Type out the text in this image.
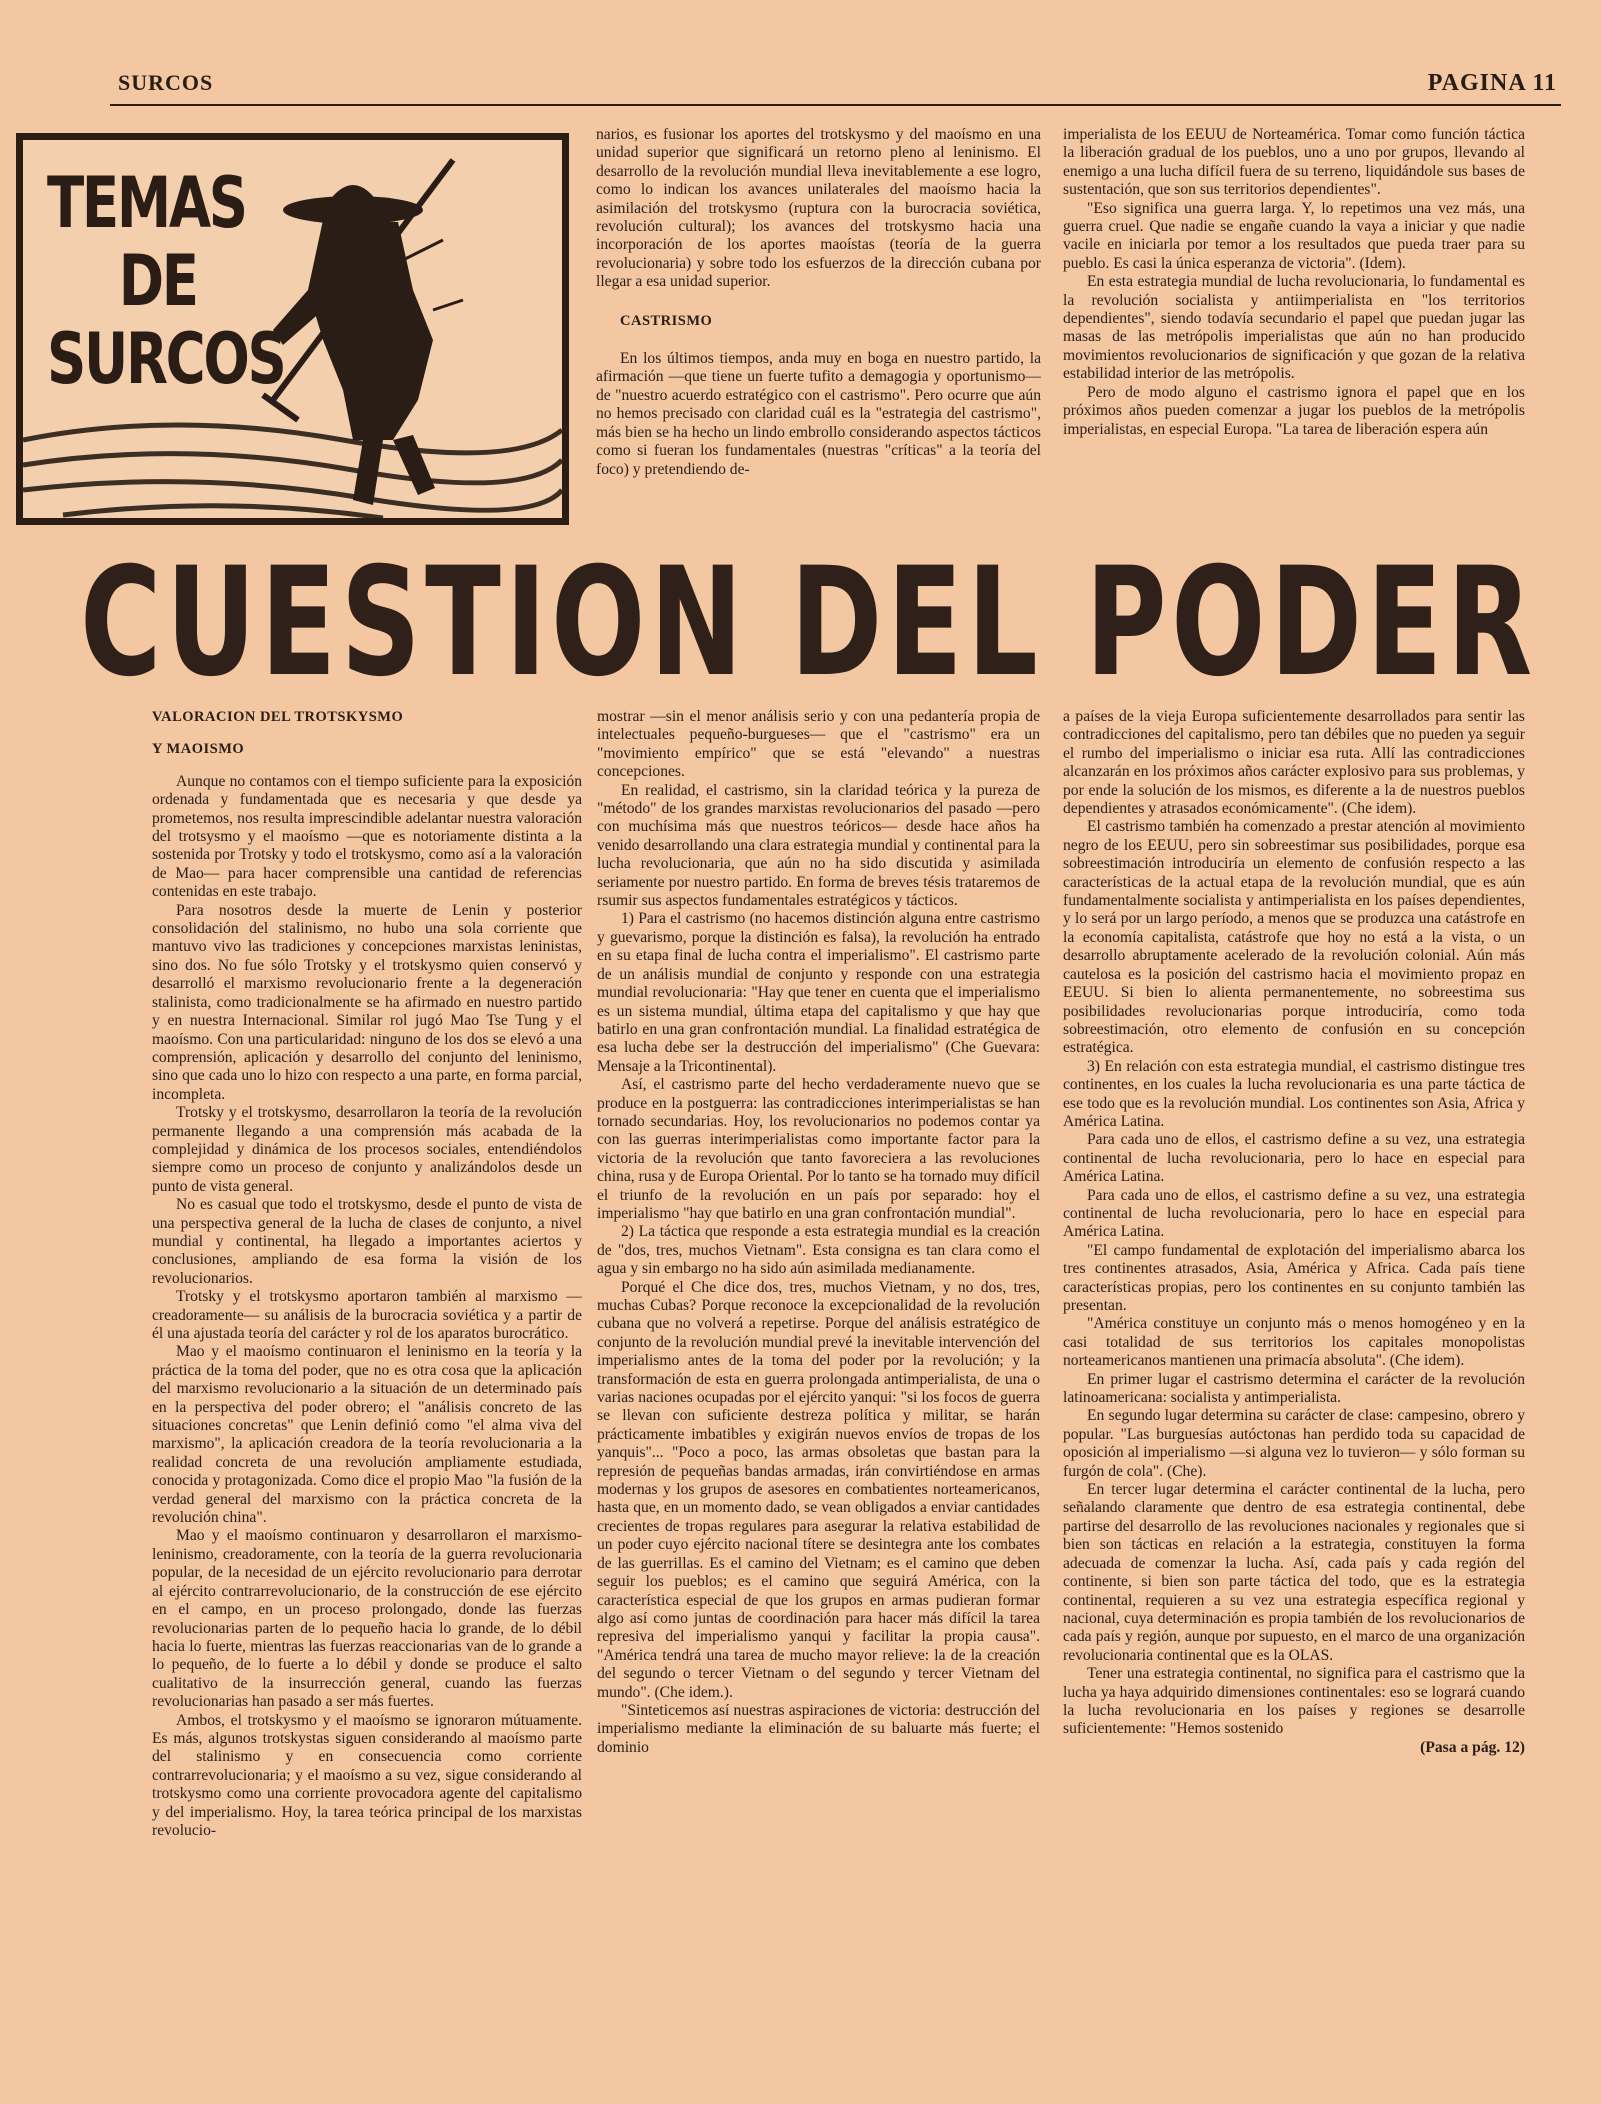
SURCOS	PAGINA 11
TEMAS
DE
SURCOS

narios, es fusionar los aportes del trotskysmo y del maoísmo en una unidad superior que significará un retorno pleno al leninismo. El desarrollo de la revolución mundial lleva inevitablemente a ese logro, como lo indican los avances unilaterales del maoísmo hacia la asimilación del trotskysmo (ruptura con la burocracia soviética, revolución cultural); los avances del trotskysmo hacia una incorporación de los aportes maoístas (teoría de la guerra revolucionaria) y sobre todo los esfuerzos de la dirección cubana por llegar a esa unidad superior.

CASTRISMO

En los últimos tiempos, anda muy en boga en nuestro partido, la afirmación —que tiene un fuerte tufito a demagogia y oportunismo— de "nuestro acuerdo estratégico con el castrismo". Pero ocurre que aún no hemos precisado con claridad cuál es la "estrategia del castrismo", más bien se ha hecho un lindo embrollo considerando aspectos tácticos como si fueran los fundamentales (nuestras "críticas" a la teoría del foco) y pretendiendo de-

imperialista de los EEUU de Norteamérica. Tomar como función táctica la liberación gradual de los pueblos, uno a uno por grupos, llevando al enemigo a una lucha difícil fuera de su terreno, liquidándole sus bases de sustentación, que son sus territorios dependientes".

"Eso significa una guerra larga. Y, lo repetimos una vez más, una guerra cruel. Que nadie se engañe cuando la vaya a iniciar y que nadie vacile en iniciarla por temor a los resultados que pueda traer para su pueblo. Es casi la única esperanza de victoria". (Idem).

En esta estrategia mundial de lucha revolucionaria, lo fundamental es la revolución socialista y antiimperialista en "los territorios dependientes", siendo todavía secundario el papel que puedan jugar las masas de las metrópolis imperialistas que aún no han producido movimientos revolucionarios de significación y que gozan de la relativa estabilidad interior de las metrópolis.

Pero de modo alguno el castrismo ignora el papel que en los próximos años pueden comenzar a jugar los pueblos de la metrópolis imperialistas, en especial Europa. "La tarea de liberación espera aún

CUESTION DEL PODER

VALORACION DEL TROTSKYSMO

Y MAOISMO

Aunque no contamos con el tiempo suficiente para la exposición ordenada y fundamentada que es necesaria y que desde ya prometemos, nos resulta imprescindible adelantar nuestra valoración del trotsysmo y el maoísmo —que es notoriamente distinta a la sostenida por Trotsky y todo el trotskysmo, como así a la valoración de Mao— para hacer comprensible una cantidad de referencias contenidas en este trabajo.

Para nosotros desde la muerte de Lenin y posterior consolidación del stalinismo, no hubo una sola corriente que mantuvo vivo las tradiciones y concepciones marxistas leninistas, sino dos. No fue sólo Trotsky y el trotskysmo quien conservó y desarrolló el marxismo revolucionario frente a la degeneración stalinista, como tradicionalmente se ha afirmado en nuestro partido y en nuestra Internacional. Similar rol jugó Mao Tse Tung y el maoísmo. Con una particularidad: ninguno de los dos se elevó a una comprensión, aplicación y desarrollo del conjunto del leninismo, sino que cada uno lo hizo con respecto a una parte, en forma parcial, incompleta.

Trotsky y el trotskysmo, desarrollaron la teoría de la revolución permanente llegando a una comprensión más acabada de la complejidad y dinámica de los procesos sociales, entendiéndolos siempre como un proceso de conjunto y analizándolos desde un punto de vista general.

No es casual que todo el trotskysmo, desde el punto de vista de una perspectiva general de la lucha de clases de conjunto, a nivel mundial y continental, ha llegado a importantes aciertos y conclusiones, ampliando de esa forma la visión de los revolucionarios.

Trotsky y el trotskysmo aportaron también al marxismo —creadoramente— su análisis de la burocracia soviética y a partir de él una ajustada teoría del carácter y rol de los aparatos burocrático.

Mao y el maoísmo continuaron el leninismo en la teoría y la práctica de la toma del poder, que no es otra cosa que la aplicación del marxismo revolucionario a la situación de un determinado país en la perspectiva del poder obrero; el "análisis concreto de las situaciones concretas" que Lenin definió como "el alma viva del marxismo", la aplicación creadora de la teoría revolucionaria a la realidad concreta de una revolución ampliamente estudiada, conocida y protagonizada. Como dice el propio Mao "la fusión de la verdad general del marxismo con la práctica concreta de la revolución china".

Mao y el maoísmo continuaron y desarrollaron el marxismo-leninismo, creadoramente, con la teoría de la guerra revolucionaria popular, de la necesidad de un ejército revolucionario para derrotar al ejército contrarrevolucionario, de la construcción de ese ejército en el campo, en un proceso prolongado, donde las fuerzas revolucionarias parten de lo pequeño hacia lo grande, de lo débil hacia lo fuerte, mientras las fuerzas reaccionarias van de lo grande a lo pequeño, de lo fuerte a lo débil y donde se produce el salto cualitativo de la insurrección general, cuando las fuerzas revolucionarias han pasado a ser más fuertes.

Ambos, el trotskysmo y el maoísmo se ignoraron mútuamente. Es más, algunos trotskystas siguen considerando al maoísmo parte del stalinismo y en consecuencia como corriente contrarrevolucionaria; y el maoísmo a su vez, sigue considerando al trotskysmo como una corriente provocadora agente del capitalismo y del imperialismo. Hoy, la tarea teórica principal de los marxistas revolucio-

mostrar —sin el menor análisis serio y con una pedantería propia de intelectuales pequeño-burgueses— que el "castrismo" era un "movimiento empírico" que se está "elevando" a nuestras concepciones.

En realidad, el castrismo, sin la claridad teórica y la pureza de "método" de los grandes marxistas revolucionarios del pasado —pero con muchísima más que nuestros teóricos— desde hace años ha venido desarrollando una clara estrategia mundial y continental para la lucha revolucionaria, que aún no ha sido discutida y asimilada seriamente por nuestro partido. En forma de breves tésis trataremos de rsumir sus aspectos fundamentales estratégicos y tácticos.

1) Para el castrismo (no hacemos distinción alguna entre castrismo y guevarismo, porque la distinción es falsa), la revolución ha entrado en su etapa final de lucha contra el imperialismo". El castrismo parte de un análisis mundial de conjunto y responde con una estrategia mundial revolucionaria: "Hay que tener en cuenta que el imperialismo es un sistema mundial, última etapa del capitalismo y que hay que batirlo en una gran confrontación mundial. La finalidad estratégica de esa lucha debe ser la destrucción del imperialismo" (Che Guevara: Mensaje a la Tricontinental).

Así, el castrismo parte del hecho verdaderamente nuevo que se produce en la postguerra: las contradicciones interimperialistas se han tornado secundarias. Hoy, los revolucionarios no podemos contar ya con las guerras interimperialistas como importante factor para la victoria de la revolución que tanto favoreciera a las revoluciones china, rusa y de Europa Oriental. Por lo tanto se ha tornado muy difícil el triunfo de la revolución en un país por separado: hoy el imperialismo "hay que batirlo en una gran confrontación mundial".

2) La táctica que responde a esta estrategia mundial es la creación de "dos, tres, muchos Vietnam". Esta consigna es tan clara como el agua y sin embargo no ha sido aún asimilada medianamente.

Porqué el Che dice dos, tres, muchos Vietnam, y no dos, tres, muchas Cubas? Porque reconoce la excepcionalidad de la revolución cubana que no volverá a repetirse. Porque del análisis estratégico de conjunto de la revolución mundial prevé la inevitable intervención del imperialismo antes de la toma del poder por la revolución; y la transformación de esta en guerra prolongada antimperialista, de una o varias naciones ocupadas por el ejército yanqui: "si los focos de guerra se llevan con suficiente destreza política y militar, se harán prácticamente imbatibles y exigirán nuevos envíos de tropas de los yanquis"... "Poco a poco, las armas obsoletas que bastan para la represión de pequeñas bandas armadas, irán convirtiéndose en armas modernas y los grupos de asesores en combatientes norteamericanos, hasta que, en un momento dado, se vean obligados a enviar cantidades crecientes de tropas regulares para asegurar la relativa estabilidad de un poder cuyo ejército nacional títere se desintegra ante los combates de las guerrillas. Es el camino del Vietnam; es el camino que deben seguir los pueblos; es el camino que seguirá América, con la característica especial de que los grupos en armas pudieran formar algo así como juntas de coordinación para hacer más difícil la tarea represiva del imperialismo yanqui y facilitar la propia causa". "América tendrá una tarea de mucho mayor relieve: la de la creación del segundo o tercer Vietnam o del segundo y tercer Vietnam del mundo". (Che idem.).

"Sinteticemos así nuestras aspiraciones de victoria: destrucción del imperialismo mediante la eliminación de su baluarte más fuerte; el dominio

a países de la vieja Europa suficientemente desarrollados para sentir las contradicciones del capitalismo, pero tan débiles que no pueden ya seguir el rumbo del imperialismo o iniciar esa ruta. Allí las contradicciones alcanzarán en los próximos años carácter explosivo para sus problemas, y por ende la solución de los mismos, es diferente a la de nuestros pueblos dependientes y atrasados económicamente". (Che idem).

El castrismo también ha comenzado a prestar atención al movimiento negro de los EEUU, pero sin sobreestimar sus posibilidades, porque esa sobreestimación introduciría un elemento de confusión respecto a las características de la actual etapa de la revolución mundial, que es aún fundamentalmente socialista y antimperialista en los países dependientes, y lo será por un largo período, a menos que se produzca una catástrofe en la economía capitalista, catástrofe que hoy no está a la vista, o un desarrollo abruptamente acelerado de la revolución colonial. Aún más cautelosa es la posición del castrismo hacia el movimiento propaz en EEUU. Si bien lo alienta permanentemente, no sobreestima sus posibilidades revolucionarias porque introduciría, como toda sobreestimación, otro elemento de confusión en su concepción estratégica.

3) En relación con esta estrategia mundial, el castrismo distingue tres continentes, en los cuales la lucha revolucionaria es una parte táctica de ese todo que es la revolución mundial. Los continentes son Asia, Africa y América Latina.

Para cada uno de ellos, el castrismo define a su vez, una estrategia continental de lucha revolucionaria, pero lo hace en especial para América Latina.

Para cada uno de ellos, el castrismo define a su vez, una estrategia continental de lucha revolucionaria, pero lo hace en especial para América Latina.

"El campo fundamental de explotación del imperialismo abarca los tres continentes atrasados, Asia, América y Africa. Cada país tiene características propias, pero los continentes en su conjunto también las presentan.

"América constituye un conjunto más o menos homogéneo y en la casi totalidad de sus territorios los capitales monopolistas norteamericanos mantienen una primacía absoluta". (Che idem).

En primer lugar el castrismo determina el carácter de la revolución latinoamericana: socialista y antimperialista.

En segundo lugar determina su carácter de clase: campesino, obrero y popular. "Las burguesías autóctonas han perdido toda su capacidad de oposición al imperialismo —si alguna vez lo tuvieron— y sólo forman su furgón de cola". (Che).

En tercer lugar determina el carácter continental de la lucha, pero señalando claramente que dentro de esa estrategia continental, debe partirse del desarrollo de las revoluciones nacionales y regionales que si bien son tácticas en relación a la estrategia, constituyen la forma adecuada de comenzar la lucha. Así, cada país y cada región del continente, si bien son parte táctica del todo, que es la estrategia continental, requieren a su vez una estrategia específica regional y nacional, cuya determinación es propia también de los revolucionarios de cada país y región, aunque por supuesto, en el marco de una organización revolucionaria continental que es la OLAS.

Tener una estrategia continental, no significa para el castrismo que la lucha ya haya adquirido dimensiones continentales: eso se logrará cuando la lucha revolucionaria en los países y regiones se desarrolle suficientemente: "Hemos sostenido

(Pasa a pág. 12)
